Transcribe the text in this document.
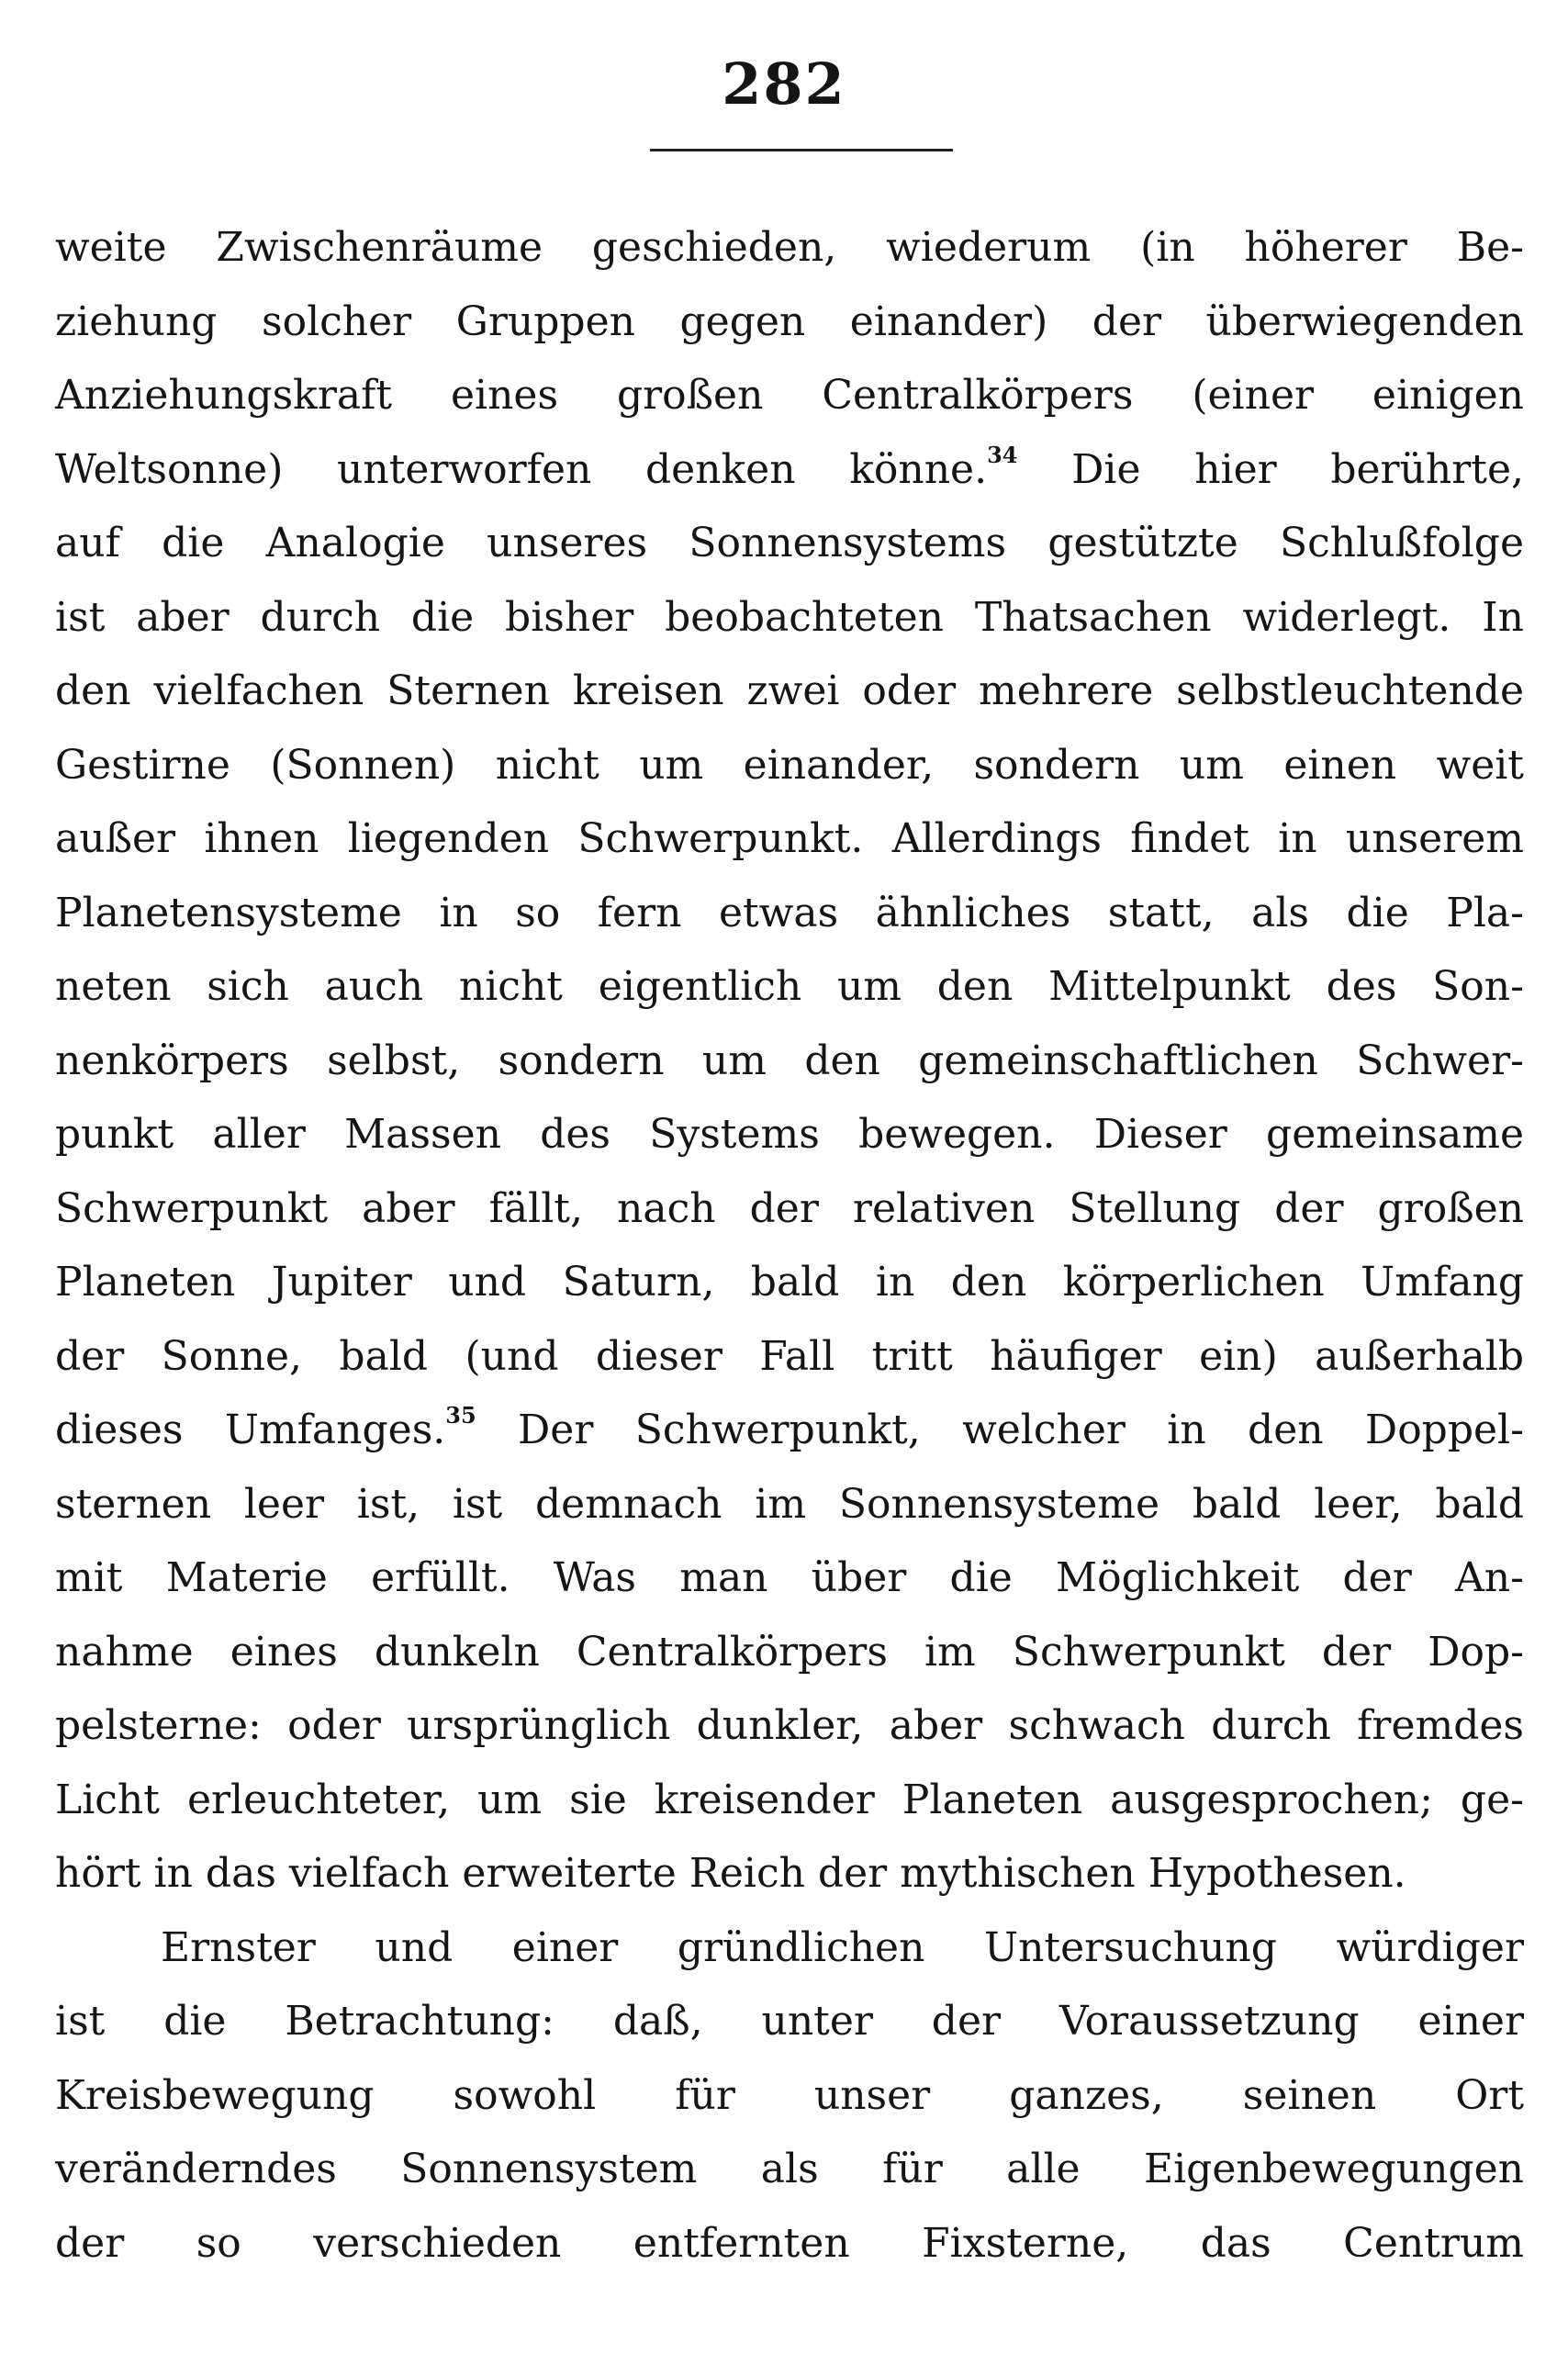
282
weite Zwischenräume geschieden, wiederum (in höherer Be-
ziehung solcher Gruppen gegen einander) der überwiegenden
Anziehungskraft eines großen Centralkörpers (einer einigen
Weltsonne) unterworfen denken könne.$^{34}$ Die hier berührte,
auf die Analogie unseres Sonnensystems gestützte Schlußfolge
ist aber durch die bisher beobachteten Thatsachen widerlegt. In
den vielfachen Sternen kreisen zwei oder mehrere selbstleuchtende
Gestirne (Sonnen) nicht um einander, sondern um einen weit
außer ihnen liegenden Schwerpunkt. Allerdings findet in unserem
Planetensysteme in so fern etwas ähnliches statt, als die Pla-
neten sich auch nicht eigentlich um den Mittelpunkt des Son-
nenkörpers selbst, sondern um den gemeinschaftlichen Schwer-
punkt aller Massen des Systems bewegen. Dieser gemeinsame
Schwerpunkt aber fällt, nach der relativen Stellung der großen
Planeten Jupiter und Saturn, bald in den körperlichen Umfang
der Sonne, bald (und dieser Fall tritt häufiger ein) außerhalb
dieses Umfanges.$^{35}$ Der Schwerpunkt, welcher in den Doppel-
sternen leer ist, ist demnach im Sonnensysteme bald leer, bald
mit Materie erfüllt. Was man über die Möglichkeit der An-
nahme eines dunkeln Centralkörpers im Schwerpunkt der Dop-
pelsterne: oder ursprünglich dunkler, aber schwach durch fremdes
Licht erleuchteter, um sie kreisender Planeten ausgesprochen; ge-
hört in das vielfach erweiterte Reich der mythischen Hypothesen.
Ernster und einer gründlichen Untersuchung würdiger
ist die Betrachtung: daß, unter der Voraussetzung einer
Kreisbewegung sowohl für unser ganzes, seinen Ort
veränderndes Sonnensystem als für alle Eigenbewegungen
der so verschieden entfernten Fixsterne, das Centrum
